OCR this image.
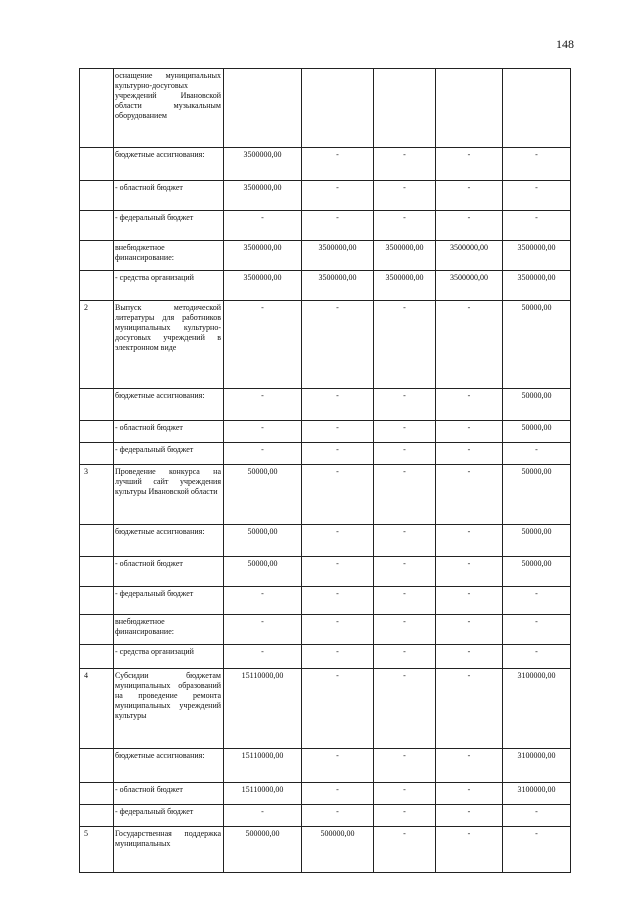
148
	оснащение муниципальных культурно-досуговых учреждений Ивановской области музыкальным оборудованием					
	бюджетные ассигнования:	3500000,00	-	-	-	-
	- областной бюджет	3500000,00	-	-	-	-
	- федеральный бюджет	-	-	-	-	-
	внебюджетное финансирование:	3500000,00	3500000,00	3500000,00	3500000,00	3500000,00
	- средства организаций	3500000,00	3500000,00	3500000,00	3500000,00	3500000,00
2	Выпуск методической литературы для работников муниципальных культурно-досуговых учреждений в электронном виде	-	-	-	-	50000,00
	бюджетные ассигнования:	-	-	-	-	50000,00
	- областной бюджет	-	-	-	-	50000,00
	- федеральный бюджет	-	-	-	-	-
3	Проведение конкурса на лучший сайт учреждения культуры Ивановской области	50000,00	-	-	-	50000,00
	бюджетные ассигнования:	50000,00	-	-	-	50000,00
	- областной бюджет	50000,00	-	-	-	50000,00
	- федеральный бюджет	-	-	-	-	-
	внебюджетное финансирование:	-	-	-	-	-
	- средства организаций	-	-	-	-	-
4	Субсидии бюджетам муниципальных образований на проведение ремонта муниципальных учреждений культуры	15110000,00	-	-	-	3100000,00
	бюджетные ассигнования:	15110000,00	-	-	-	3100000,00
	- областной бюджет	15110000,00	-	-	-	3100000,00
	- федеральный бюджет	-	-	-	-	-
5	Государственная поддержка муниципальных	500000,00	500000,00	-	-	-
